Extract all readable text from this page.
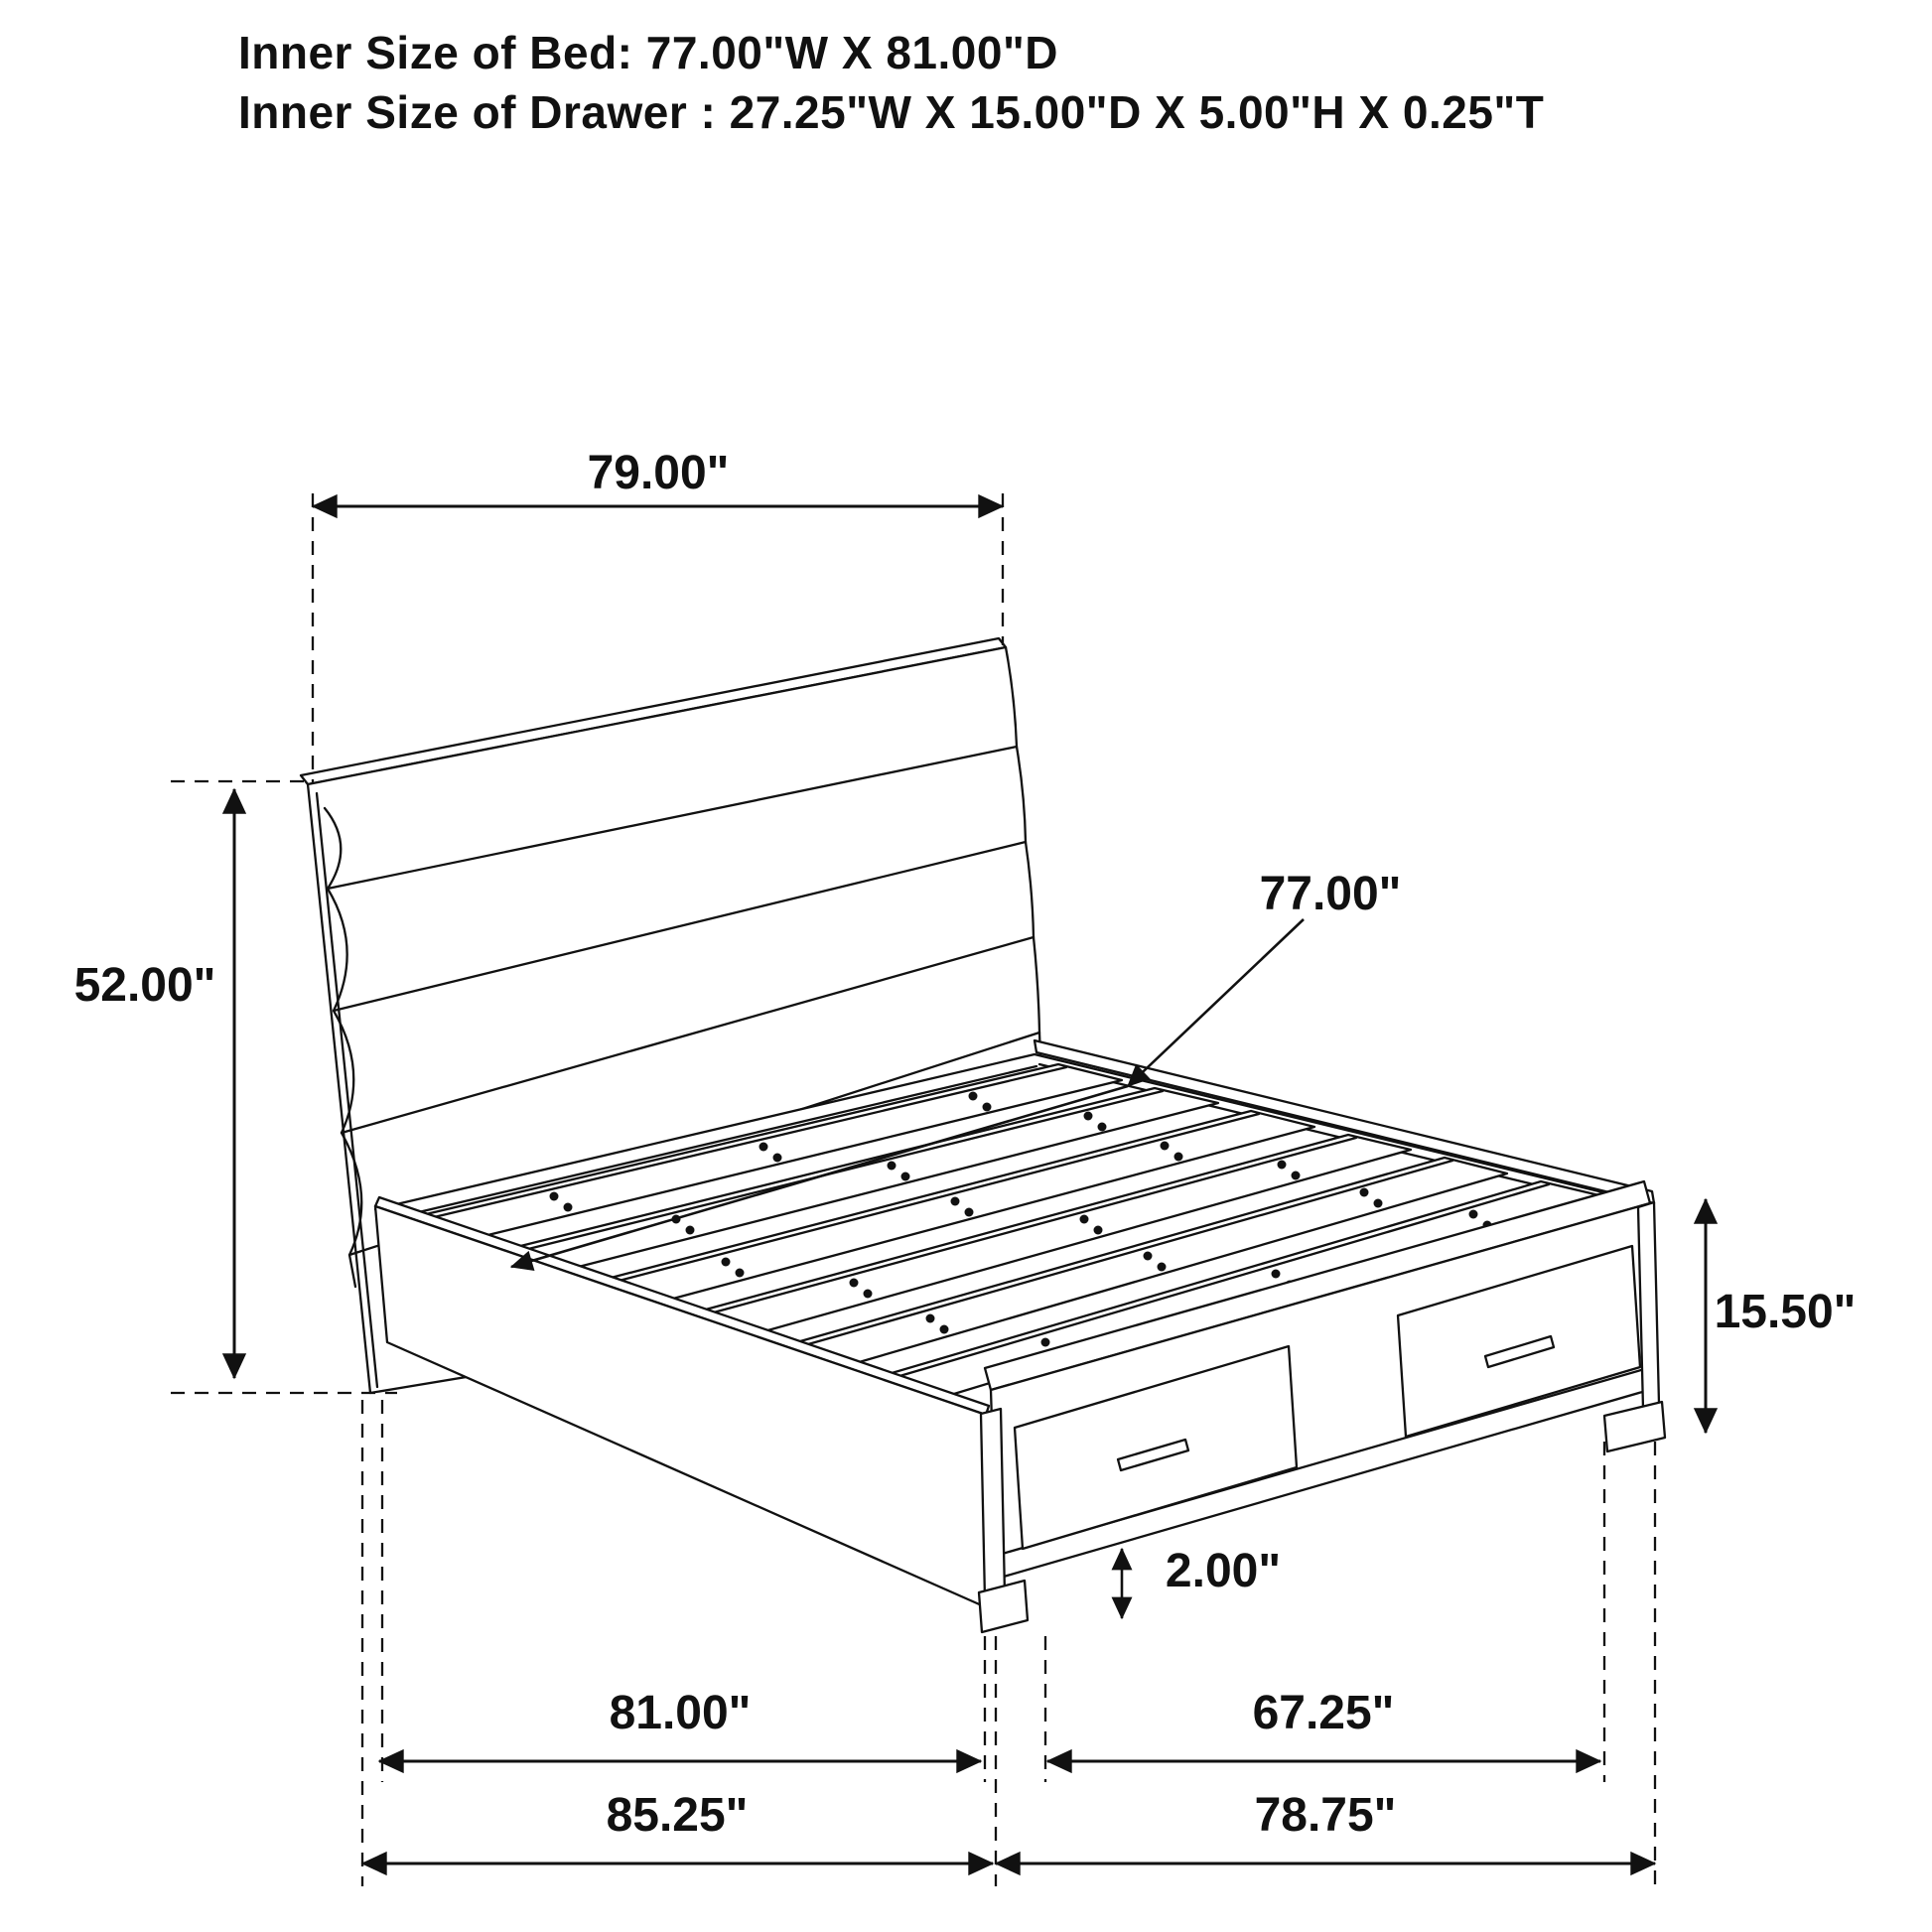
Inner Size of Bed: 77.00"W X 81.00"D
Inner Size of Drawer : 27.25"W X 15.00"D X 5.00"H X 0.25"T
79.00"
52.00"
77.00"
15.50"
2.00"
81.00"	67.25"
85.25"	78.75"
